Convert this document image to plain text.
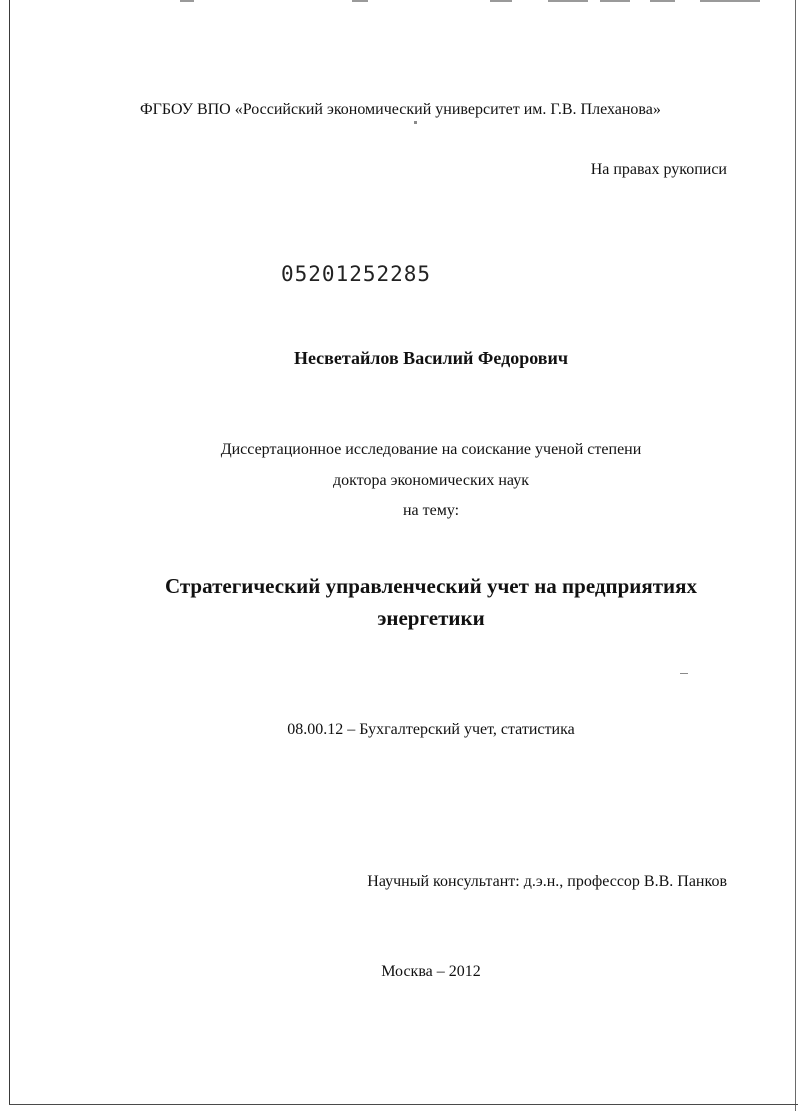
ФГБОУ ВПО «Российский экономический университет им. Г.В. Плеханова»
На правах рукописи
05201252285
Несветайлов Василий Федорович
Диссертационное исследование на соискание ученой степени
доктора экономических наук
на тему:
Стратегический управленческий учет на предприятиях
энергетики
08.00.12 – Бухгалтерский учет, статистика
Научный консультант: д.э.н., профессор В.В. Панков
Москва – 2012
